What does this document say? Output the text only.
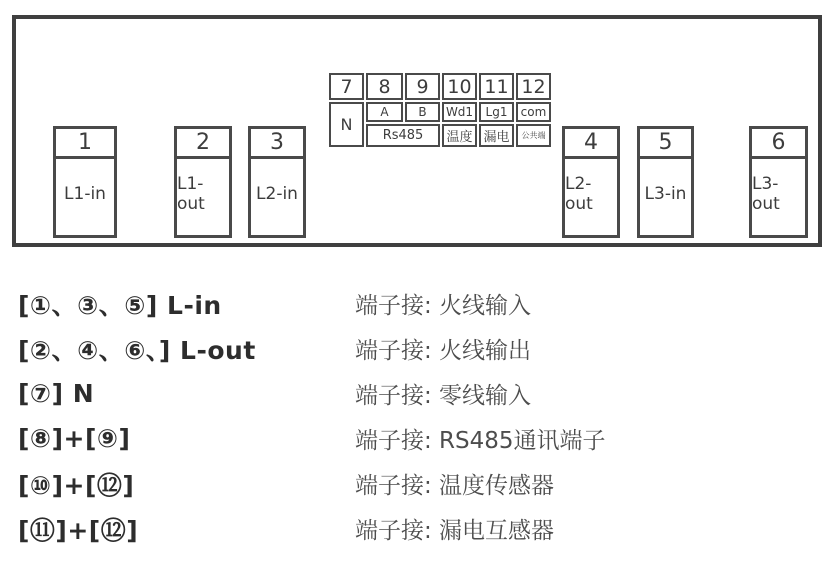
1
L1-in
2
L1-out
3
L2-in
4
L2-out
5
L3-in
6
L3-out
7	8	9 10 11 12
N
A	B	Wd1	Lg1	com
Rs485	温度 漏电	公共端
[①、③、⑤] L-in	端子接: 火线输入
[②、④、⑥、] L-out	端子接: 火线输出
[⑦] N	端子接: 零线输入
[⑧]+[⑨]	端子接: RS485通讯端子
[⑩]+[⑫]	端子接: 温度传感器
[⑪]+[⑫]	端子接: 漏电互感器
